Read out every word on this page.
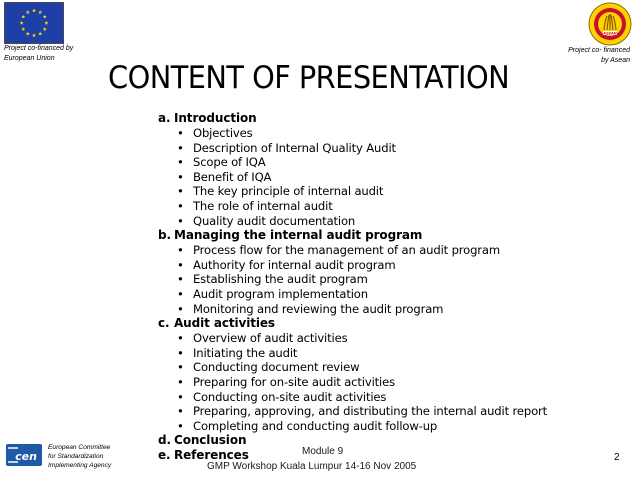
Project co-financed by
European Union
ASEAN
Project co- financed
by Asean
CONTENT OF PRESENTATION
a. Introduction
• Objectives
• Description of Internal Quality Audit
• Scope of IQA
• Benefit of IQA
• The key principle of internal audit
• The role of internal audit
• Quality audit documentation
b. Managing the internal audit program
• Process flow for the management of an audit program
• Authority for internal audit program
• Establishing the audit program
• Audit program implementation
• Monitoring and reviewing the audit program
c. Audit activities
• Overview of audit activities
• Initiating the audit
• Conducting document review
• Preparing for on-site audit activities
• Conducting on-site audit activities
• Preparing, approving, and distributing the internal audit report
• Completing and conducting audit follow-up
d. Conclusion
e. References
cen
European Committee
for Standardization
Implementing Agency
Module 9
GMP Workshop Kuala Lumpur 14-16 Nov 2005
2
